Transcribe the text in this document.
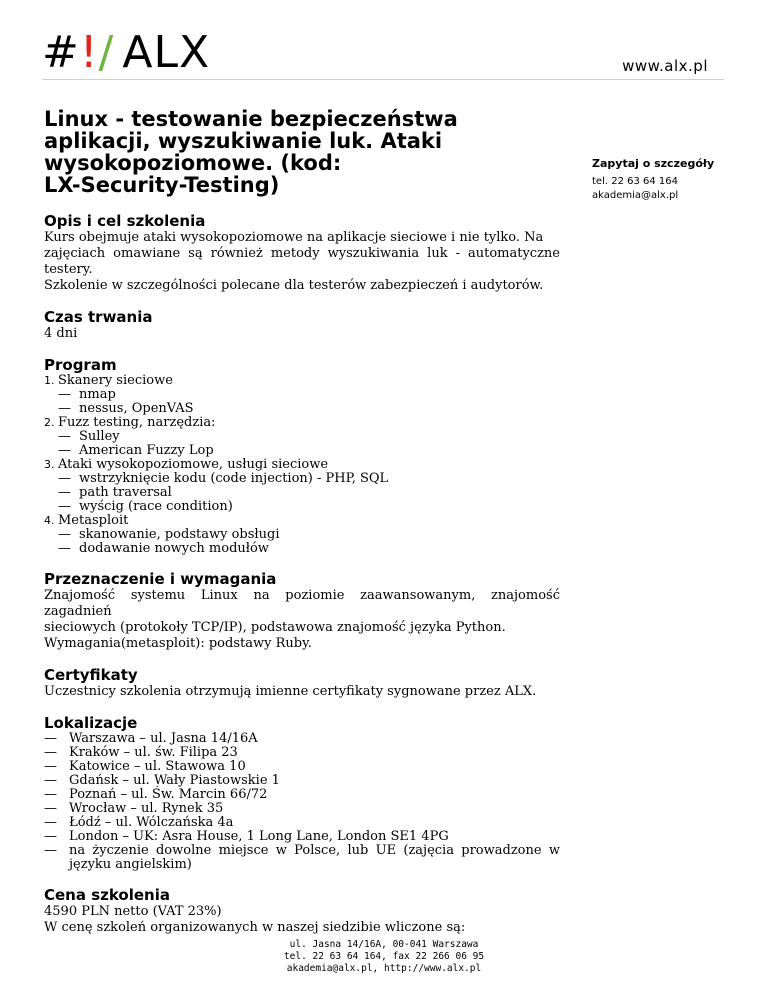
#!/ ALX	www.alx.pl
Linux - testowanie bezpieczeństwa
aplikacji, wyszukiwanie luk. Ataki
wysokopoziomowe. (kod:
LX-Security-Testing)
Opis i cel szkolenia
Kurs obejmuje ataki wysokopoziomowe na aplikacje sieciowe i nie tylko. Na
zajęciach omawiane są również metody wyszukiwania luk - automatyczne testery.
Szkolenie w szczególności polecane dla testerów zabezpieczeń i audytorów.
Czas trwania
4 dni
Program
1. Skanery sieciowe
— nmap
— nessus, OpenVAS
2. Fuzz testing, narzędzia:
— Sulley
— American Fuzzy Lop
3. Ataki wysokopoziomowe, usługi sieciowe
— wstrzyknięcie kodu (code injection) - PHP, SQL
— path traversal
— wyścig (race condition)
4. Metasploit
— skanowanie, podstawy obsługi
— dodawanie nowych modułów
Przeznaczenie i wymagania
Znajomość systemu Linux na poziomie zaawansowanym, znajomość zagadnień
sieciowych (protokoły TCP/IP), podstawowa znajomość języka Python.
Wymagania(metasploit): podstawy Ruby.
Certyfikaty
Uczestnicy szkolenia otrzymują imienne certyfikaty sygnowane przez ALX.
Lokalizacje
— Warszawa – ul. Jasna 14/16A
— Kraków – ul. św. Filipa 23
— Katowice – ul. Stawowa 10
— Gdańsk – ul. Wały Piastowskie 1
— Poznań – ul. Św. Marcin 66/72
— Wrocław – ul. Rynek 35
— Łódź – ul. Wólczańska 4a
— London – UK: Asra House, 1 Long Lane, London SE1 4PG
— na życzenie dowolne miejsce w Polsce, lub UE (zajęcia prowadzone w języku angielskim)
Cena szkolenia
4590 PLN netto (VAT 23%)
W cenę szkoleń organizowanych w naszej siedzibie wliczone są:
Zapytaj o szczegóły
tel. 22 63 64 164
akademia@alx.pl
ul. Jasna 14/16A, 00-041 Warszawa
tel. 22 63 64 164, fax 22 266 06 95
akademia@alx.pl, http://www.alx.pl
